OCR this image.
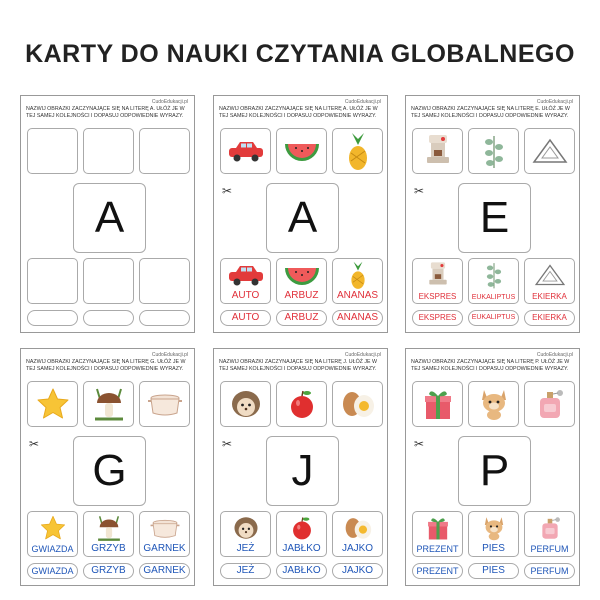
KARTY DO NAUKI CZYTANIA GLOBALNEGO
CudoEdukacji.pl
NAZWIJ OBRAZKI ZACZYNAJĄCE SIĘ NA LITERĘ A. UŁÓŻ JE W TEJ SAMEJ KOLEJNOŚCI I DOPASUJ ODPOWIEDNIE WYRAZY.
A
CudoEdukacji.pl
NAZWIJ OBRAZKI ZACZYNAJĄCE SIĘ NA LITERĘ A. UŁÓŻ JE W TEJ SAMEJ KOLEJNOŚCI I DOPASUJ ODPOWIEDNIE WYRAZY.
✂
A
AUTO	ARBUZ	ANANAS
AUTO	ARBUZ	ANANAS
CudoEdukacji.pl
NAZWIJ OBRAZKI ZACZYNAJĄCE SIĘ NA LITERĘ E. UŁÓŻ JE W TEJ SAMEJ KOLEJNOŚCI I DOPASUJ ODPOWIEDNIE WYRAZY.
✂
E
EKSPRES	EUKALIPTUS	EKIERKA
EKSPRES	EUKALIPTUS	EKIERKA
CudoEdukacji.pl
NAZWIJ OBRAZKI ZACZYNAJĄCE SIĘ NA LITERĘ G. UŁÓŻ JE W TEJ SAMEJ KOLEJNOŚCI I DOPASUJ ODPOWIEDNIE WYRAZY.
✂
G
GWIAZDA	GRZYB	GARNEK
GWIAZDA	GRZYB	GARNEK
CudoEdukacji.pl
NAZWIJ OBRAZKI ZACZYNAJĄCE SIĘ NA LITERĘ J. UŁÓŻ JE W TEJ SAMEJ KOLEJNOŚCI I DOPASUJ ODPOWIEDNIE WYRAZY.
✂
J
JEŻ	JABŁKO	JAJKO
JEŻ	JABŁKO	JAJKO
CudoEdukacji.pl
NAZWIJ OBRAZKI ZACZYNAJĄCE SIĘ NA LITERĘ P. UŁÓŻ JE W TEJ SAMEJ KOLEJNOŚCI I DOPASUJ ODPOWIEDNIE WYRAZY.
✂
P
PREZENT	PIES	PERFUM
PREZENT	PIES	PERFUM
